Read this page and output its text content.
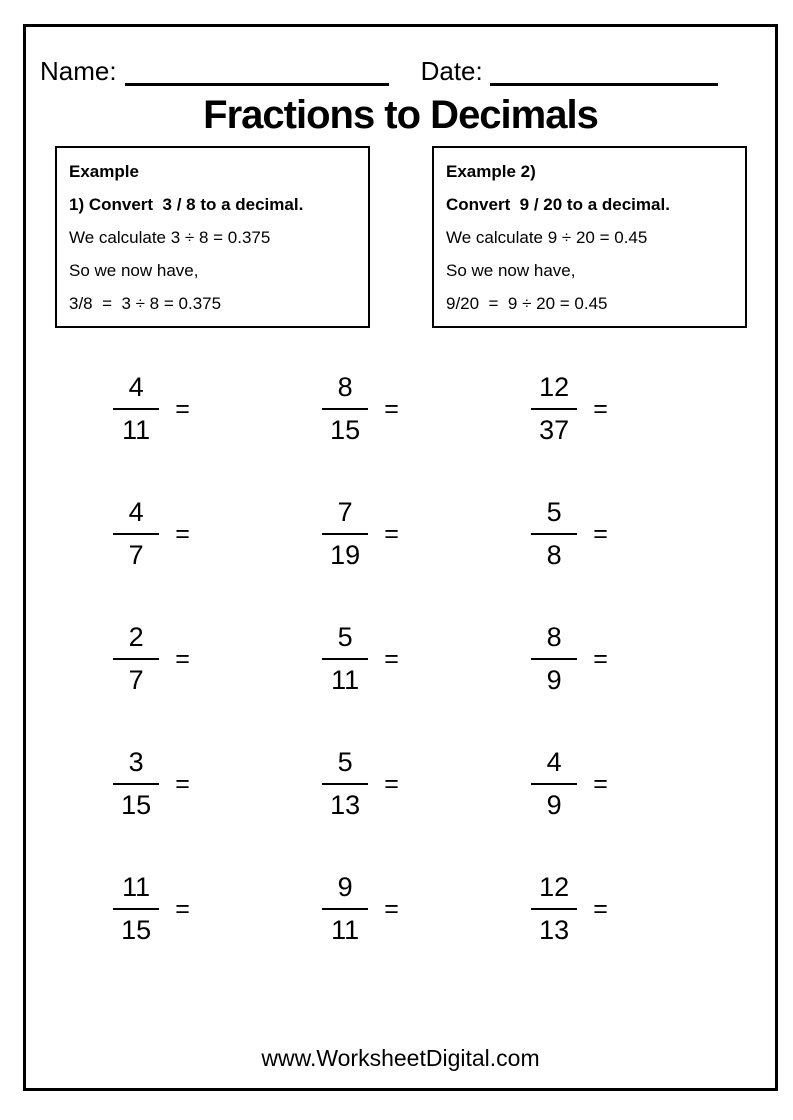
Name:	Date:
Fractions to Decimals
Example
1) Convert  3 / 8 to a decimal.
We calculate 3 ÷ 8 = 0.375
So we now have,
3/8  =  3 ÷ 8 = 0.375
Example 2)
Convert  9 / 20 to a decimal.
We calculate 9 ÷ 20 = 0.45
So we now have,
9/20  =  9 ÷ 20 = 0.45
$\frac{4}{11}$ =	$\frac{8}{15}$ =	$\frac{12}{37}$ =
$\frac{4}{7}$ =	$\frac{7}{19}$ =	$\frac{5}{8}$ =
$\frac{2}{7}$ =	$\frac{5}{11}$ =	$\frac{8}{9}$ =
$\frac{3}{15}$ =	$\frac{5}{13}$ =	$\frac{4}{9}$ =
$\frac{11}{15}$ =	$\frac{9}{11}$ =	$\frac{12}{13}$ =
www.WorksheetDigital.com
